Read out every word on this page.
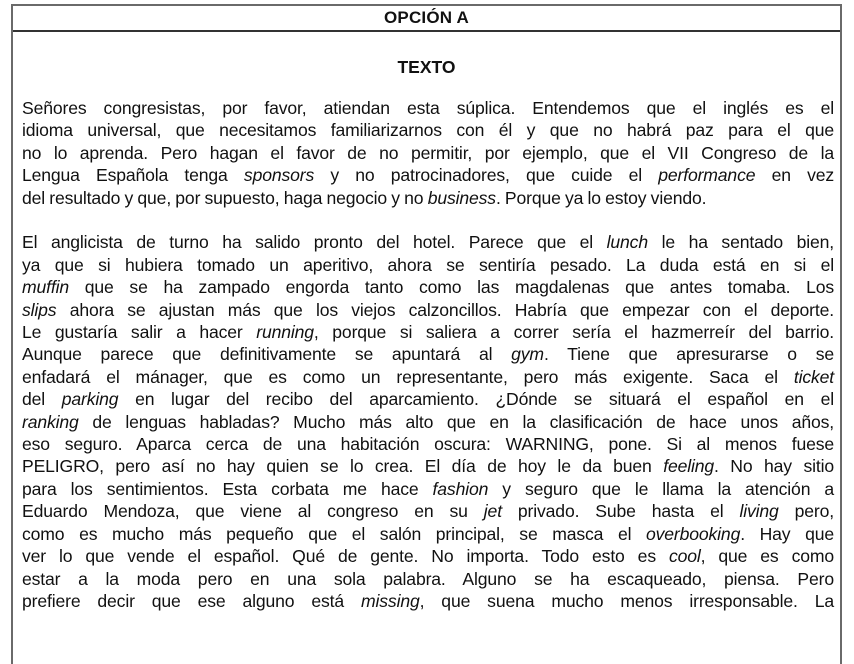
OPCIÓN A
TEXTO

Señores congresistas, por favor, atiendan esta súplica. Entendemos que el inglés es el
idioma universal, que necesitamos familiarizarnos con él y que no habrá paz para el que
no lo aprenda. Pero hagan el favor de no permitir, por ejemplo, que el VII Congreso de la
Lengua Española tenga sponsors y no patrocinadores, que cuide el performance en vez
del resultado y que, por supuesto, haga negocio y no business. Porque ya lo estoy viendo.

El anglicista de turno ha salido pronto del hotel. Parece que el lunch le ha sentado bien,
ya que si hubiera tomado un aperitivo, ahora se sentiría pesado. La duda está en si el
muffin que se ha zampado engorda tanto como las magdalenas que antes tomaba. Los
slips ahora se ajustan más que los viejos calzoncillos. Habría que empezar con el deporte.
Le gustaría salir a hacer running, porque si saliera a correr sería el hazmerreír del barrio.
Aunque parece que definitivamente se apuntará al gym. Tiene que apresurarse o se
enfadará el mánager, que es como un representante, pero más exigente. Saca el ticket
del parking en lugar del recibo del aparcamiento. ¿Dónde se situará el español en el
ranking de lenguas habladas? Mucho más alto que en la clasificación de hace unos años,
eso seguro. Aparca cerca de una habitación oscura: WARNING, pone. Si al menos fuese
PELIGRO, pero así no hay quien se lo crea. El día de hoy le da buen feeling. No hay sitio
para los sentimientos. Esta corbata me hace fashion y seguro que le llama la atención a
Eduardo Mendoza, que viene al congreso en su jet privado. Sube hasta el living pero,
como es mucho más pequeño que el salón principal, se masca el overbooking. Hay que
ver lo que vende el español. Qué de gente. No importa. Todo esto es cool, que es como
estar a la moda pero en una sola palabra. Alguno se ha escaqueado, piensa. Pero
prefiere decir que ese alguno está missing, que suena mucho menos irresponsable. La
